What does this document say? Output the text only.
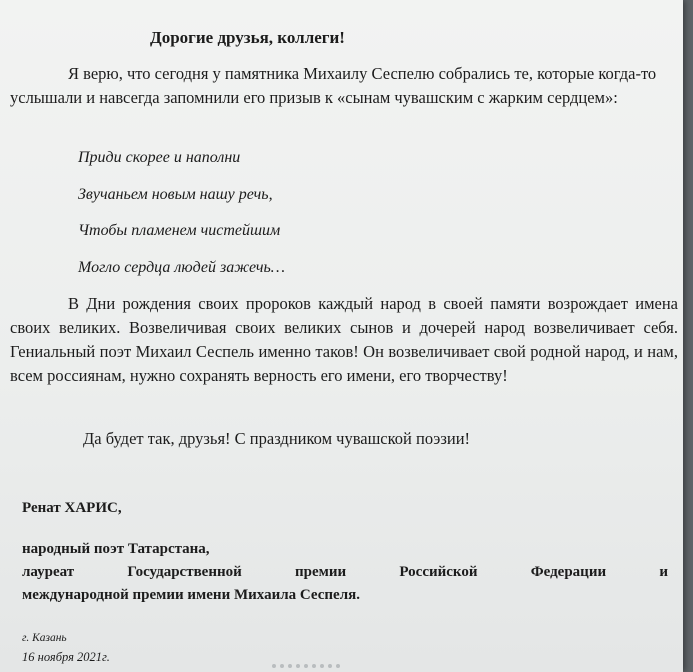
Дорогие друзья, коллеги!

Я верю, что сегодня у памятника Михаилу Сеспелю собрались те, которые когда-то услышали и навсегда запомнили его призыв к «сынам чувашским с жарким сердцем»:

Приди скорее и наполни
Звучаньем новым нашу речь,
Чтобы пламенем чистейшим
Могло сердца людей зажечь…

В Дни рождения своих пророков каждый народ в своей памяти возрождает имена своих великих. Возвеличивая своих великих сынов и дочерей народ возвеличивает себя. Гениальный поэт Михаил Сеспель именно таков! Он возвеличивает свой родной народ, и нам, всем россиянам, нужно сохранять верность его имени, его творчеству!

Да будет так, друзья! С праздником чувашской поэзии!

Ренат ХАРИС,

народный поэт Татарстана,

лауреат Государственной премии Российской Федерации и

международной премии имени Михаила Сеспеля.

г. Казань

16 ноября 2021г.
